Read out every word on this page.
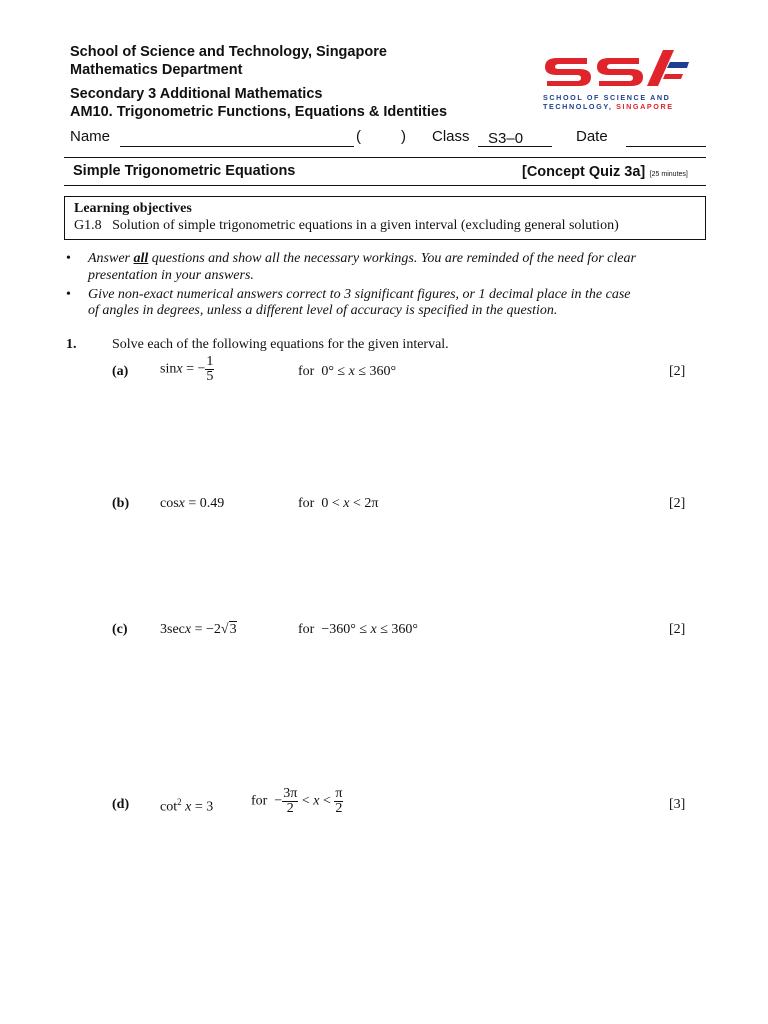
School of Science and Technology, Singapore
Mathematics Department
Secondary 3 Additional Mathematics
AM10. Trigonometric Functions, Equations & Identities
SCHOOL OF SCIENCE AND
TECHNOLOGY, SINGAPORE
Name	(	) Class S3–0	Date
Simple Trigonometric Equations	[Concept Quiz 3a] [25 minutes]
Learning objectives
G1.8 Solution of simple trigonometric equations in a given interval (excluding general solution)
• Answer all questions and show all the necessary workings. You are reminded of the need for clear
presentation in your answers.
• Give non-exact numerical answers correct to 3 significant figures, or 1 decimal place in the case
of angles in degrees, unless a different level of accuracy is specified in the question.
1.	Solve each of the following equations for the given interval.
(a) sinx = − $\frac{1}{5}$	for  0° ≤ x ≤ 360°	[2]
(b) cosx = 0.49	for  0 < x < 2π	[2]
(c) 3secx = −2√3	for  −360° ≤ x ≤ 360°	[2]
(d) $\cot^2 x = 3$	for  − $\frac{3\pi}{2} < x < \frac{\pi}{2}$	[3]
